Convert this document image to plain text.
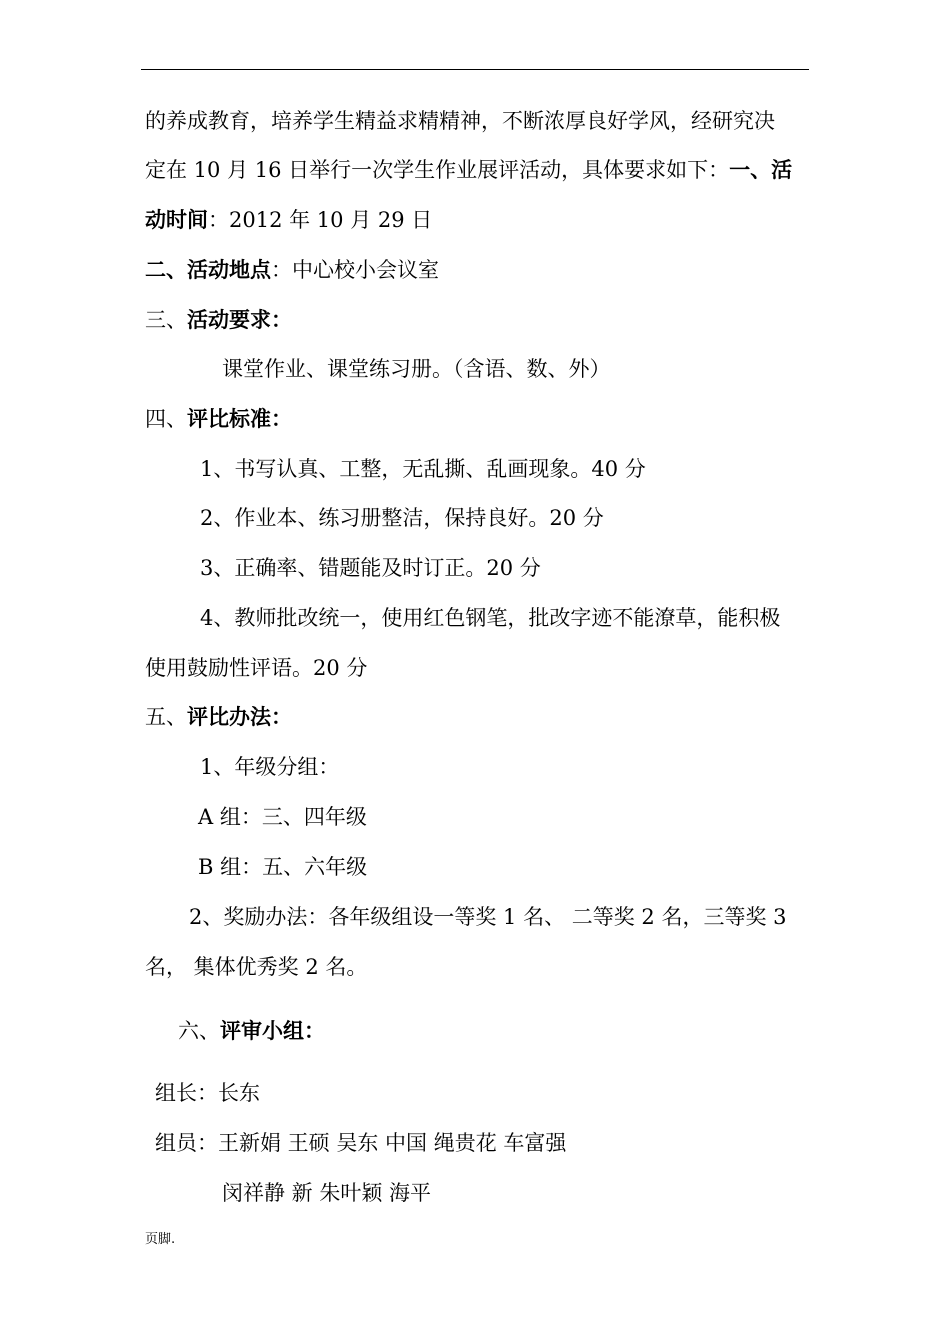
的养成教育，培养学生精益求精精神，不断浓厚良好学风，经研究决
定在 10 月 16 日举行一次学生作业展评活动，具体要求如下：一、活
动时间：2012 年 10 月 29 日
二、活动地点：中心校小会议室
三、活动要求：
课堂作业、课堂练习册。（含语、数、外）
四、评比标准：
1、书写认真、工整，无乱撕、乱画现象。40 分
2、作业本、练习册整洁，保持良好。20 分
3、正确率、错题能及时订正。20 分
4、教师批改统一，使用红色钢笔，批改字迹不能潦草，能积极
使用鼓励性评语。20 分
五、评比办法：
1、年级分组：
A 组：三、四年级
B 组：五、六年级
2、奖励办法：各年级组设一等奖 1 名、 二等奖 2 名，三等奖 3
名， 集体优秀奖 2 名。
六、评审小组：
组长：长东
组员：王新娟 王硕 吴东 中国 绳贵花 车富强
闵祥静 新 朱叶颖 海平
页脚.
